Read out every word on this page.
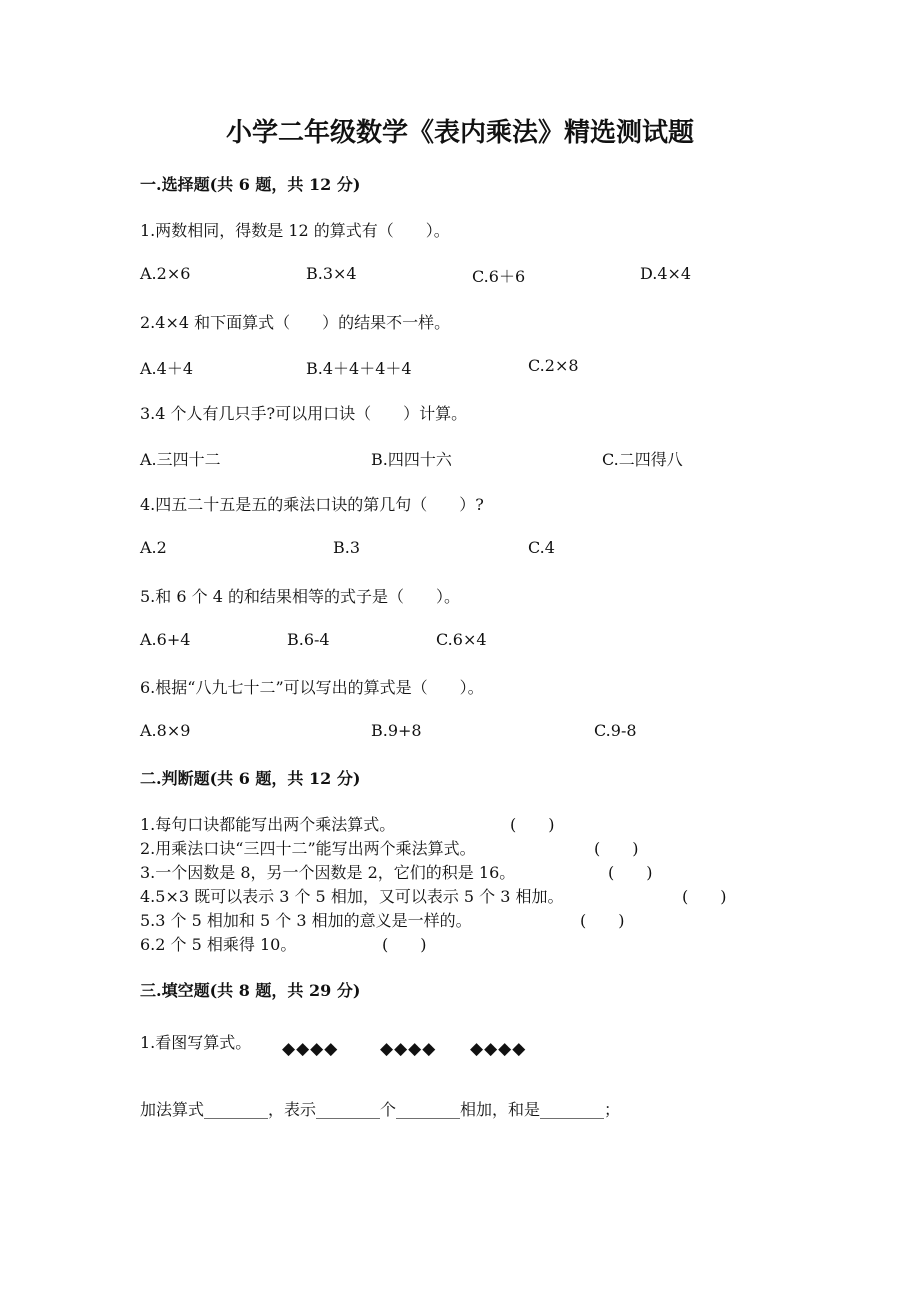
小学二年级数学《表内乘法》精选测试题
一.选择题(共 6 题，共 12 分)
1.两数相同，得数是 12 的算式有（　　）。
A.2×6	B.3×4	C.6＋6	D.4×4
2.4×4 和下面算式（　　）的结果不一样。
A.4＋4	B.4＋4＋4＋4	C.2×8
3.4 个人有几只手?可以用口诀（　　）计算。
A.三四十二	B.四四十六	C.二四得八
4.四五二十五是五的乘法口诀的第几句（　　）?
A.2	B.3	C.4
5.和 6 个 4 的和结果相等的式子是（　　）。
A.6+4	B.6-4	C.6×4
6.根据“八九七十二”可以写出的算式是（　　）。
A.8×9	B.9+8	C.9-8
二.判断题(共 6 题，共 12 分)
1.每句口诀都能写出两个乘法算式。	(　　)
2.用乘法口诀“三四十二”能写出两个乘法算式。	(　　)
3.一个因数是 8，另一个因数是 2，它们的积是 16。	(　　)
4.5×3 既可以表示 3 个 5 相加，又可以表示 5 个 3 相加。	(　　)
5.3 个 5 相加和 5 个 3 相加的意义是一样的。	(　　)
6.2 个 5 相乘得 10。	(　　)
三.填空题(共 8 题，共 29 分)
1.看图写算式。 ◆◆◆◆ ◆◆◆◆ ◆◆◆◆
加法算式________，表示________个________相加，和是________；
